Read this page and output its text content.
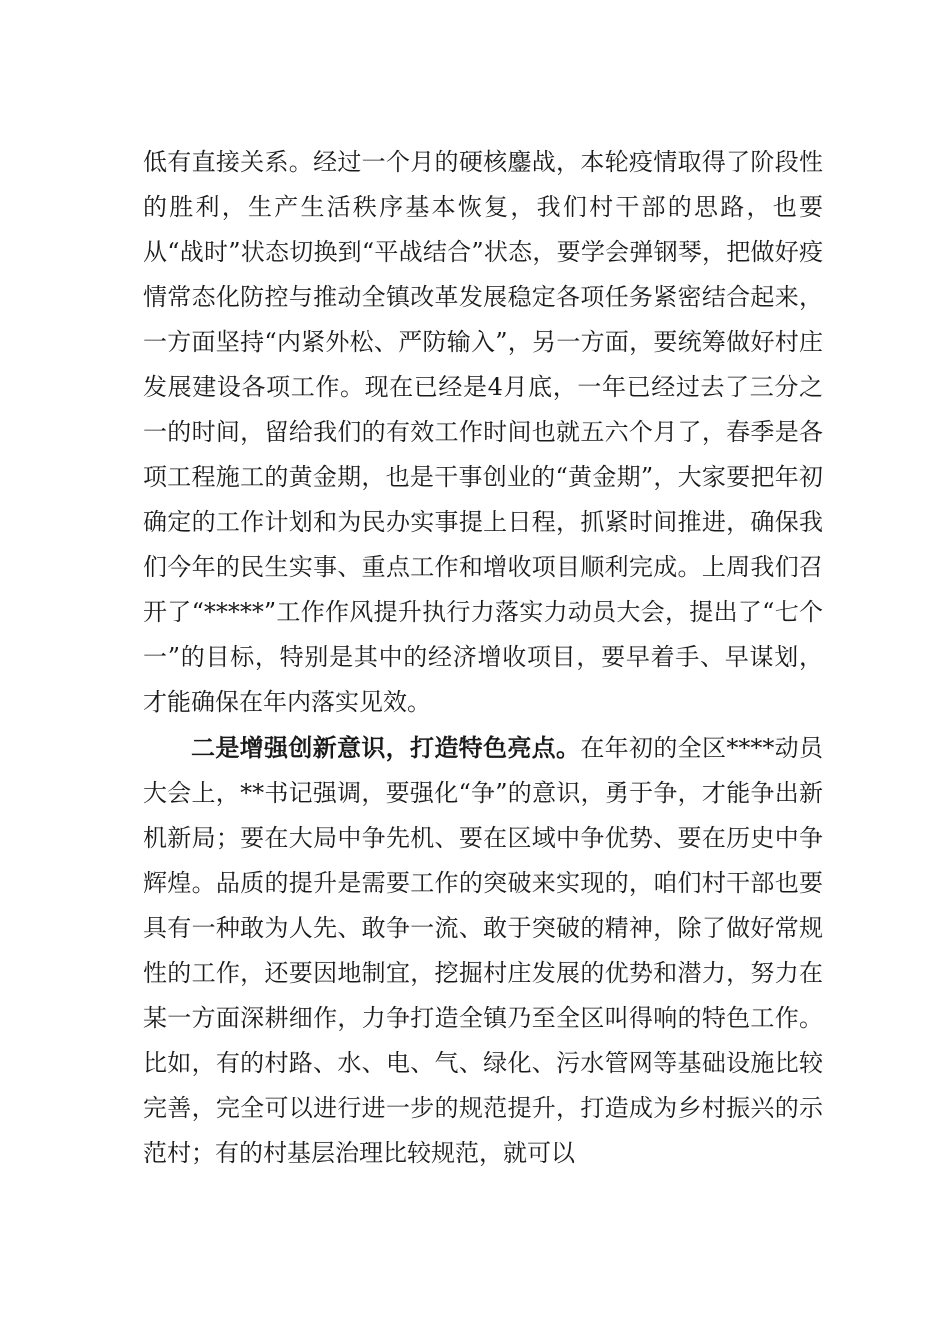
低有直接关系。经过一个月的硬核鏖战，本轮疫情取得了阶段性的胜利，生产生活秩序基本恢复，我们村干部的思路，也要从“战时”状态切换到“平战结合”状态，要学会弹钢琴，把做好疫情常态化防控与推动全镇改革发展稳定各项任务紧密结合起来，一方面坚持“内紧外松、严防输入”，另一方面，要统筹做好村庄发展建设各项工作。现在已经是4月底，一年已经过去了三分之一的时间，留给我们的有效工作时间也就五六个月了，春季是各项工程施工的黄金期，也是干事创业的“黄金期”，大家要把年初确定的工作计划和为民办实事提上日程，抓紧时间推进，确保我们今年的民生实事、重点工作和增收项目顺利完成。上周我们召开了“*****”工作作风提升执行力落实力动员大会，提出了“七个一”的目标，特别是其中的经济增收项目，要早着手、早谋划，才能确保在年内落实见效。

二是增强创新意识，打造特色亮点。在年初的全区****动员大会上，**书记强调，要强化“争”的意识，勇于争，才能争出新机新局；要在大局中争先机、要在区域中争优势、要在历史中争辉煌。品质的提升是需要工作的突破来实现的，咱们村干部也要具有一种敢为人先、敢争一流、敢于突破的精神，除了做好常规性的工作，还要因地制宜，挖掘村庄发展的优势和潜力，努力在某一方面深耕细作，力争打造全镇乃至全区叫得响的特色工作。比如，有的村路、水、电、气、绿化、污水管网等基础设施比较完善，完全可以进行进一步的规范提升，打造成为乡村振兴的示范村；有的村基层治理比较规范，就可以
